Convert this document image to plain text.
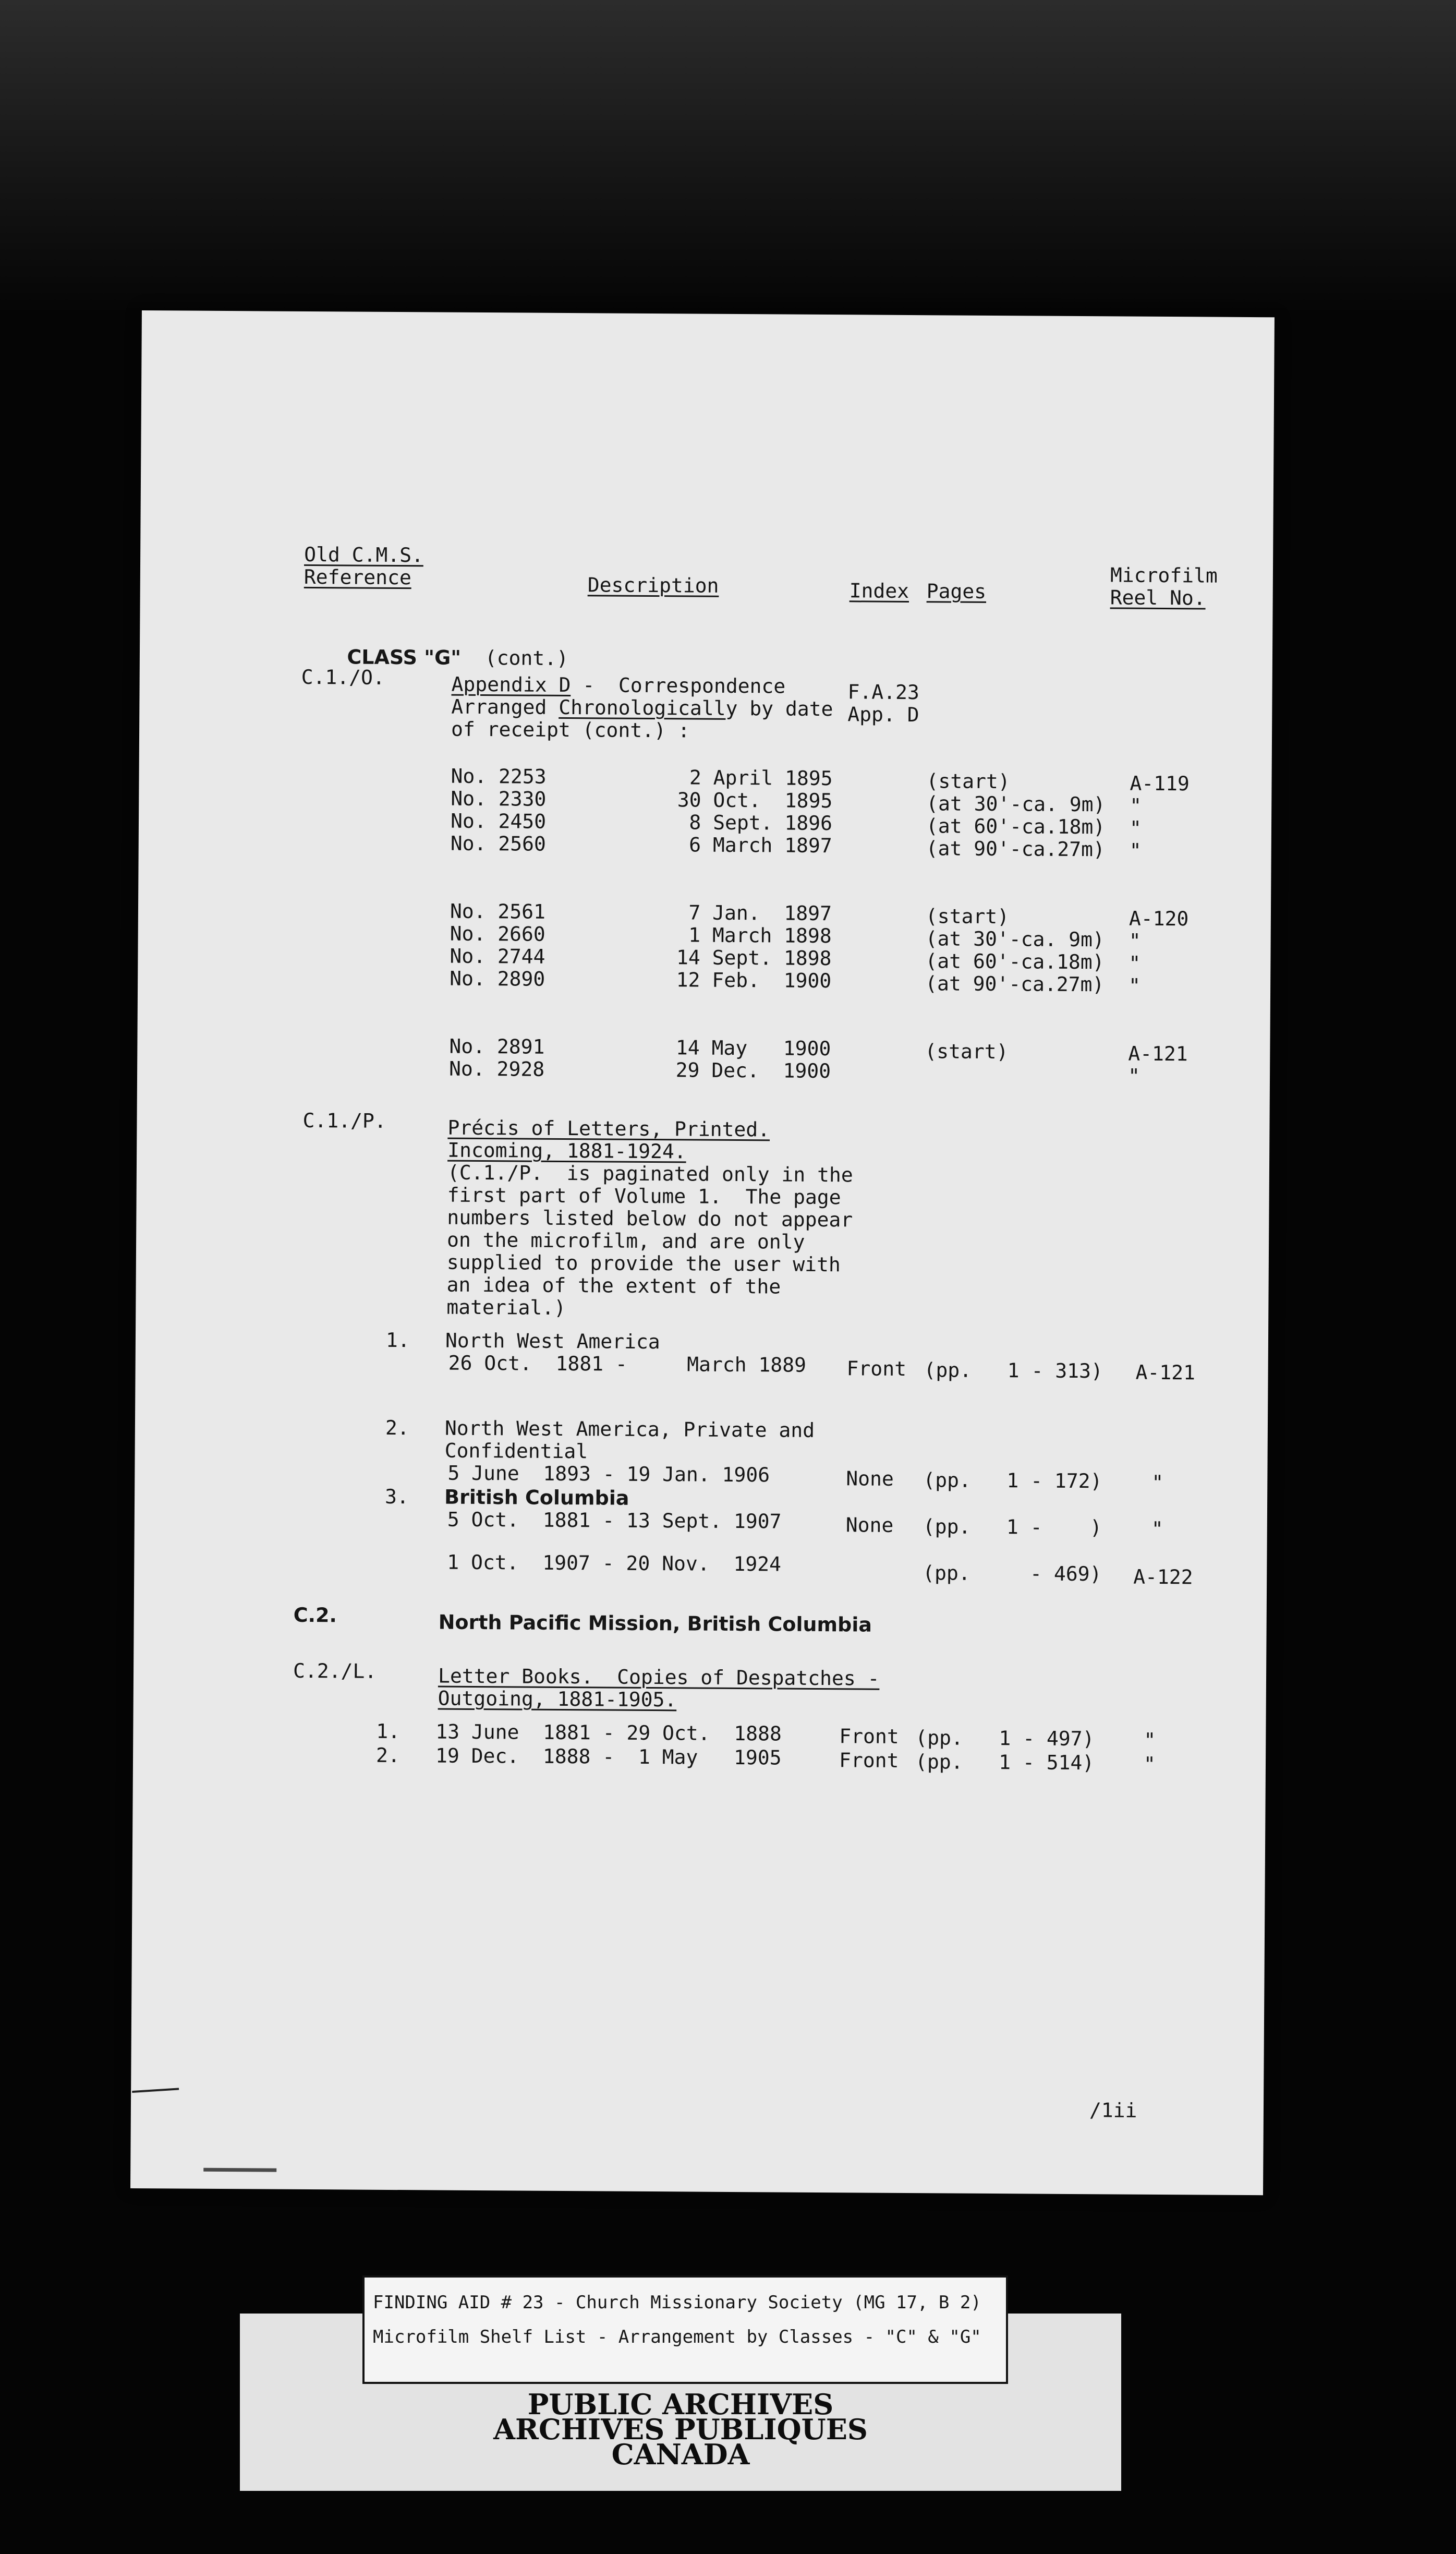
Old C.M.S.
Reference	Description	Index Pages
Microfilm
Reel No.

CLASS "G" (cont.)

C.1./O.	Appendix D -  Correspondence
Arranged Chronologically by date
of receipt (cont.) :
F.A.23
App. D
No. 2253	2 April 1895	(start)	A-119
No. 2330	30 Oct.  1895	(at 30'-ca. 9m) "
No. 2450	8 Sept. 1896	(at 60'-ca.18m) "
No. 2560	6 March 1897	(at 90'-ca.27m) "
No. 2561	7 Jan.  1897	(start)	A-120
No. 2660	1 March 1898	(at 30'-ca. 9m) "
No. 2744	14 Sept. 1898	(at 60'-ca.18m) "
No. 2890	12 Feb.  1900	(at 90'-ca.27m) "
No. 2891	14 May   1900	(start)	A-121
No. 2928	29 Dec.  1900	"
C.1./P.	Précis of Letters, Printed.
Incoming, 1881-1924.
(C.1./P.  is paginated only in the
first part of Volume 1.  The page
numbers listed below do not appear
on the microfilm, and are only
supplied to provide the user with
an idea of the extent of the
material.)
1. North West America
26 Oct.  1881 -     March 1889 Front (pp.   1 - 313) A-121
2. North West America, Private and
Confidential
5 June  1893 - 19 Jan. 1906	None (pp.   1 - 172) "
3. British Columbia
5 Oct.  1881 - 13 Sept. 1907	None (pp.   1 -    ) "
1 Oct.  1907 - 20 Nov.  1924	(pp.     - 469) A-122
C.2.	North Pacific Mission, British Columbia
C.2./L.	Letter Books.  Copies of Despatches -
Outgoing, 1881-1905.
1. 13 June  1881 - 29 Oct.  1888	Front (pp.   1 - 497) "
2. 19 Dec.  1888 -  1 May   1905	Front (pp.   1 - 514) "
/1ii
PUBLIC ARCHIVES
ARCHIVES PUBLIQUES
CANADA
FINDING AID # 23 - Church Missionary Society (MG 17, B 2)
Microfilm Shelf List - Arrangement by Classes - "C" & "G"
